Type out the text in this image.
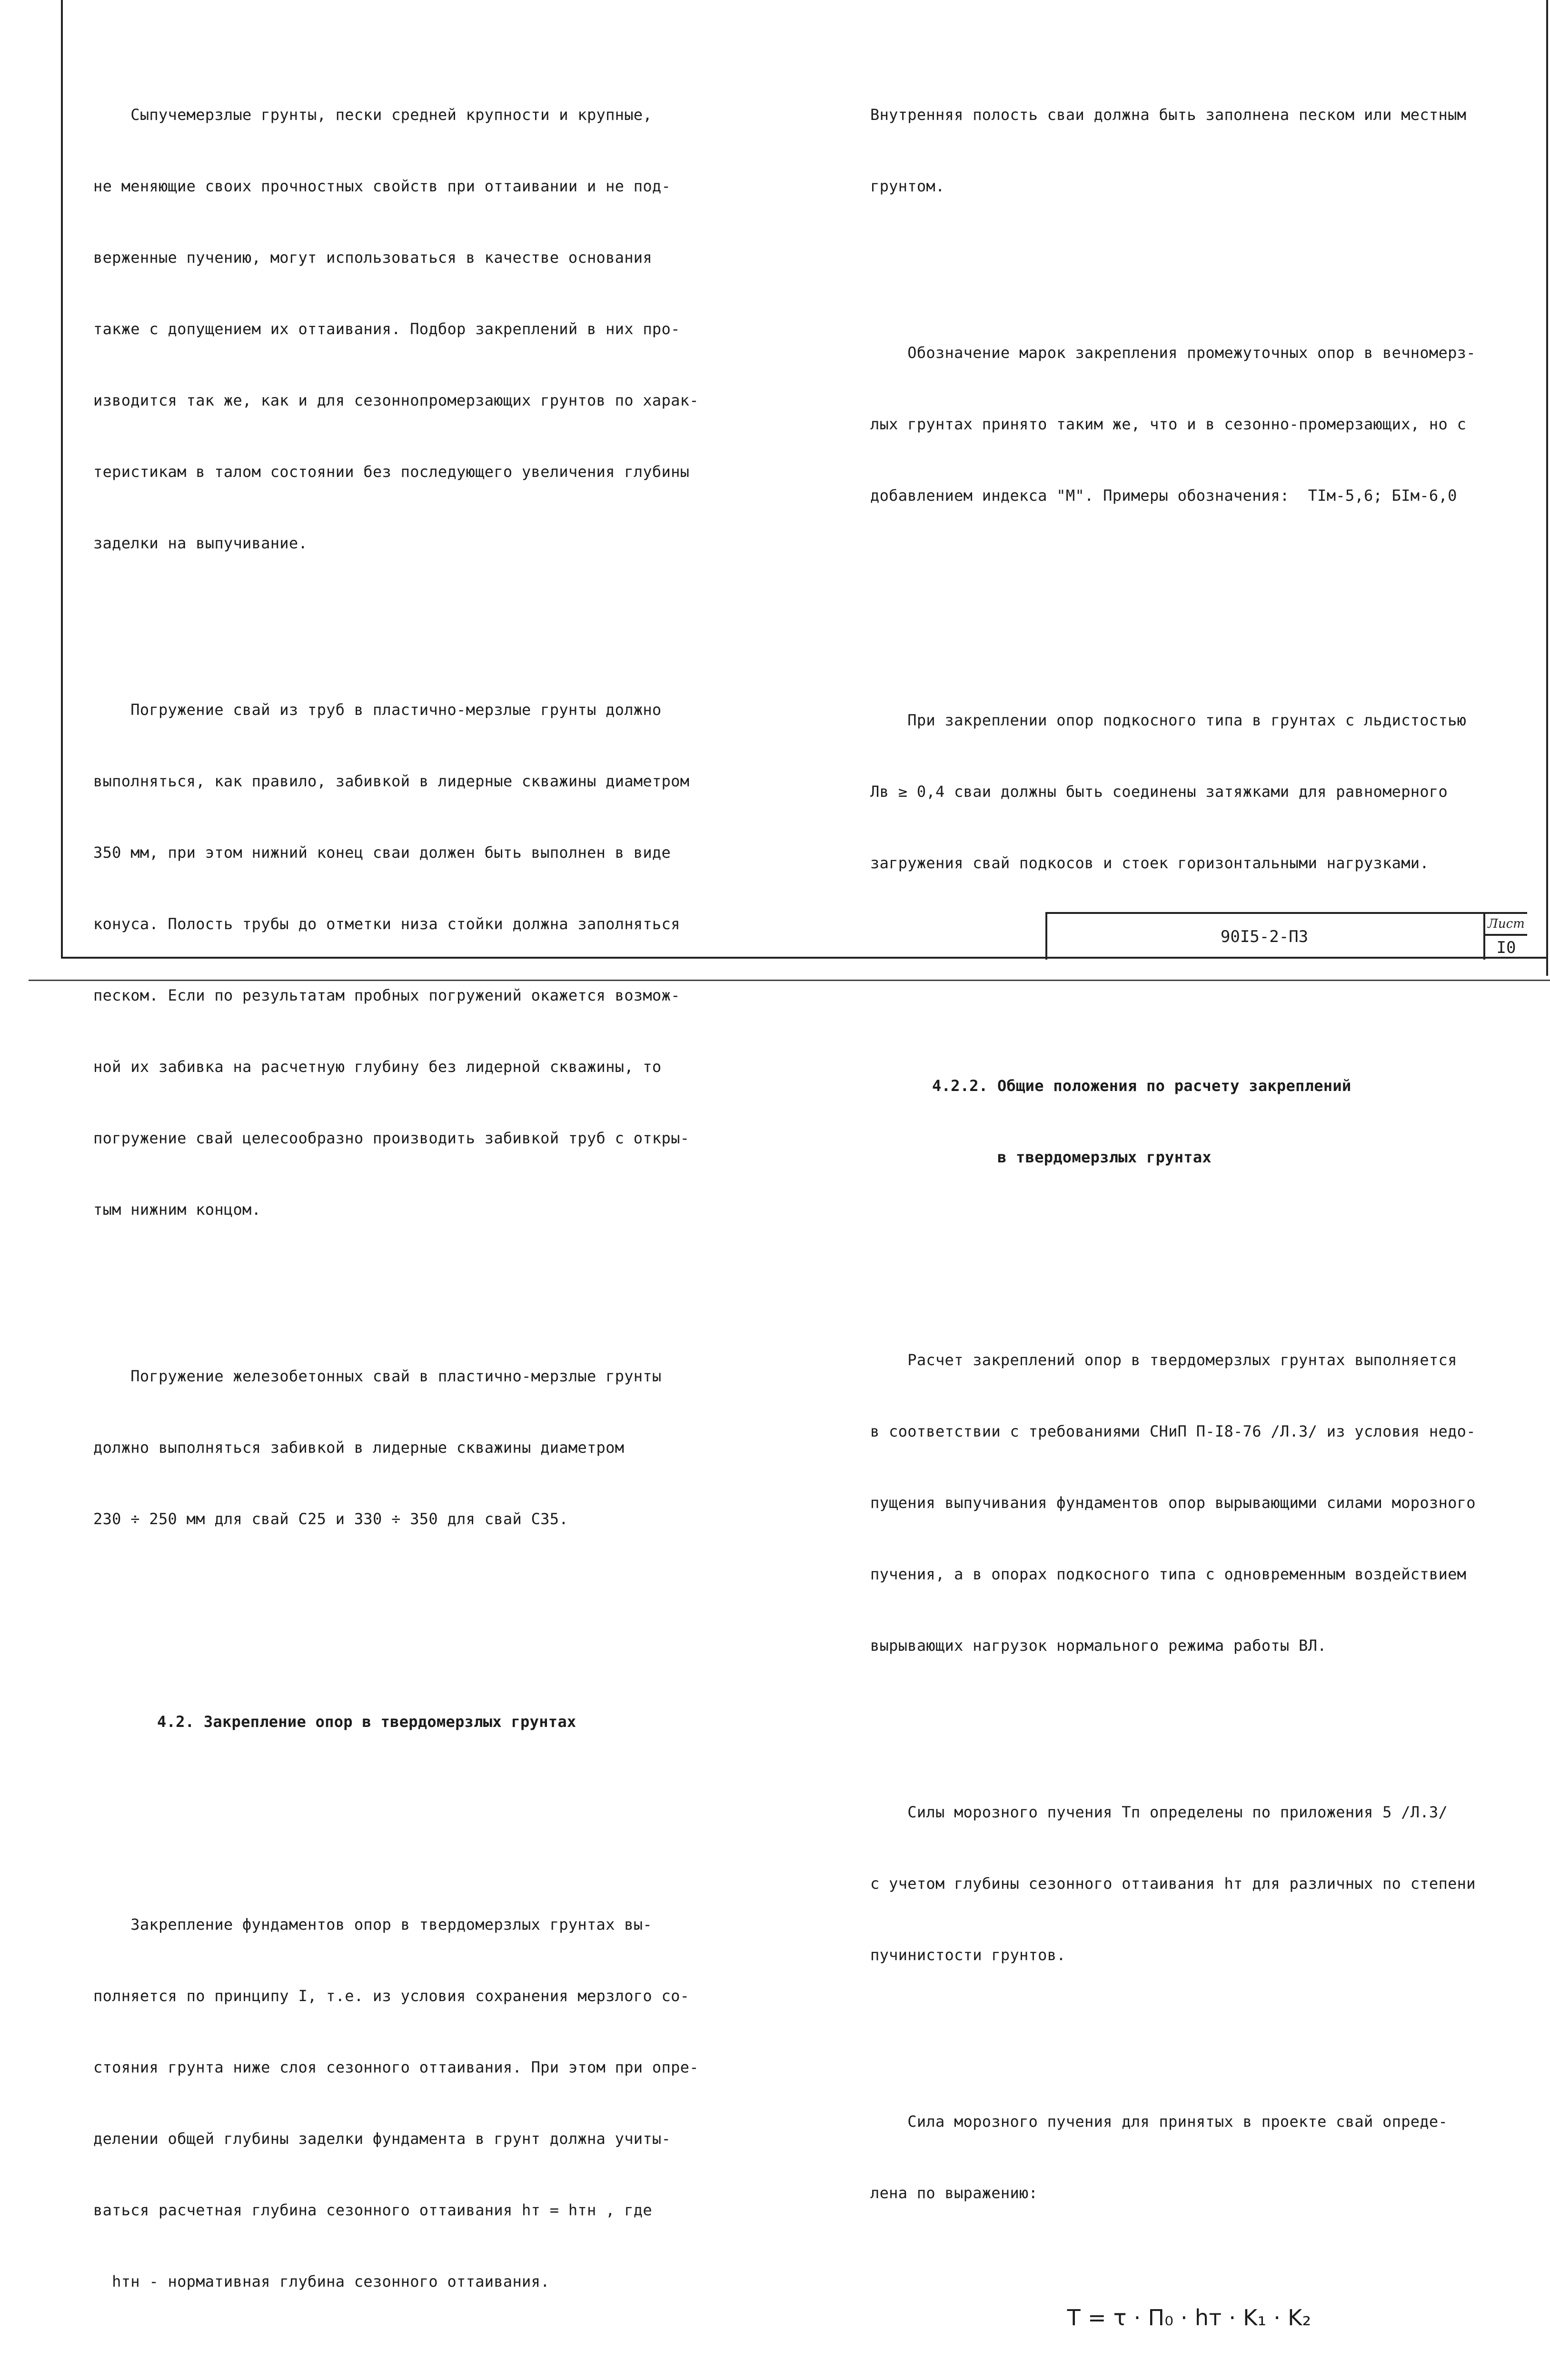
Сыпучемерзлые грунты, пески средней крупности и крупные,

не меняющие своих прочностных свойств при оттаивании и не под-

верженные пучению, могут использоваться в качестве основания

также с допущением их оттаивания. Подбор закреплений в них про-

изводится так же, как и для сезоннопромерзающих грунтов по харак-

теристикам в талом состоянии без последующего увеличения глубины

заделки на выпучивание.

Погружение свай из труб в пластично-мерзлые грунты должно

выполняться, как правило, забивкой в лидерные скважины диаметром

350 мм, при этом нижний конец сваи должен быть выполнен в виде

конуса. Полость трубы до отметки низа стойки должна заполняться

песком. Если по результатам пробных погружений окажется возмож-

ной их забивка на расчетную глубину без лидерной скважины, то

погружение свай целесообразно производить забивкой труб с откры-

тым нижним концом.

Погружение железобетонных свай в пластично-мерзлые грунты

должно выполняться забивкой в лидерные скважины диаметром

230 ÷ 250 мм для свай С25 и 330 ÷ 350 для свай С35.

4.2. Закрепление опор в твердомерзлых грунтах

Закрепление фундаментов опор в твердомерзлых грунтах вы-

полняется по принципу I, т.е. из условия сохранения мерзлого со-

стояния грунта ниже слоя сезонного оттаивания. При этом при опре-

делении общей глубины заделки фундамента в грунт должна учиты-

ваться расчетная глубина сезонного оттаивания hт = hтн , где

hтн - нормативная глубина сезонного оттаивания.

Внутренняя полость сваи должна быть заполнена песком или местным

грунтом.

Обозначение марок закрепления промежуточных опор в вечномерз-

лых грунтах принято таким же, что и в сезонно-промерзающих, но с

добавлением индекса "М". Примеры обозначения:  ТIм-5,6; БIм-6,0

При закреплении опор подкосного типа в грунтах с льдистостью

Лв ≥ 0,4 сваи должны быть соединены затяжками для равномерного

загружения свай подкосов и стоек горизонтальными нагрузками.

4.2.2. Общие положения по расчету закреплений

в твердомерзлых грунтах

Расчет закреплений опор в твердомерзлых грунтах выполняется

в соответствии с требованиями СНиП П-I8-76 /Л.3/ из условия недо-

пущения выпучивания фундаментов опор вырывающими силами морозного

пучения, а в опорах подкосного типа с одновременным воздействием

вырывающих нагрузок нормального режима работы ВЛ.

Силы морозного пучения Тп определены по приложения 5 /Л.3/

с учетом глубины сезонного оттаивания hт для различных по степени

пучинистости грунтов.

Сила морозного пучения для принятых в проекте свай опреде-

лена по выражению:

T = τ · П₀ · hт · K₁ · K₂

90I5-2-П3
Лист
I0
